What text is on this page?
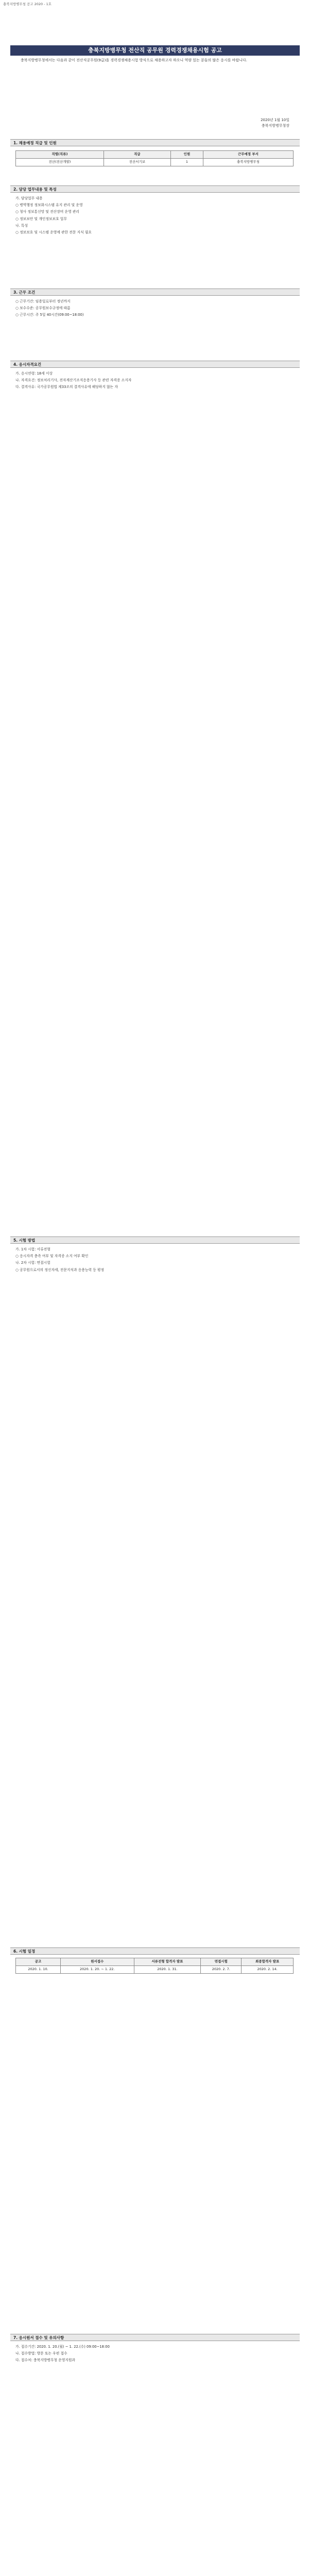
충북지방병무청 공고 2020 - 1호
충북지방병무청 전산직 공무원 경력경쟁채용시험 공고
충북지방병무청에서는 다음과 같이 전산직공무원(9급)을 경력경쟁채용시험 방식으로 채용하고자 하오니 역량 있는 분들의 많은 응시를 바랍니다.
2020년 1월 10일
충북지방병무청장
1. 채용예정 직급 및 인원
직렬(직류)	직급	인원	근무예정 부서
전산(전산개발)	전산서기보	1	충북지방병무청
2. 담당 업무내용 및 특성

가. 담당업무 내용

○ 병역행정 정보화시스템 유지 관리 및 운영

○ 청사 정보통신망 및 전산장비 운영 관리

○ 정보보안 및 개인정보보호 업무

나. 특성

○ 정보보호 및 시스템 운영에 관한 전문 지식 필요

3. 근무 조건

○ 근무기간: 임용일로부터 정년까지

○ 보수수준: 공무원보수규정에 따름

○ 근무시간: 주 5일 40시간(09:00~18:00)

4. 응시자격요건

가. 응시연령: 18세 이상

나. 자격요건: 정보처리기사, 전자계산기조직응용기사 등 관련 자격증 소지자

다. 결격사유: 국가공무원법 제33조의 결격사유에 해당하지 않는 자

5. 시험 방법

가. 1차 시험: 서류전형

○ 응시자격 충족 여부 및 자격증 소지 여부 확인

나. 2차 시험: 면접시험

○ 공무원으로서의 정신자세, 전문지식과 응용능력 등 평정

6. 시험 일정
공고	원서접수	서류전형 합격자 발표	면접시험	최종합격자 발표
2020. 1. 10.	2020. 1. 20. ~ 1. 22.	2020. 1. 31.	2020. 2. 7.	2020. 2. 14.
7. 응시원서 접수 및 유의사항

가. 접수기간: 2020. 1. 20.(월) ~ 1. 22.(수) 09:00~18:00

나. 접수방법: 방문 또는 우편 접수

다. 접수처: 충북지방병무청 운영지원과
